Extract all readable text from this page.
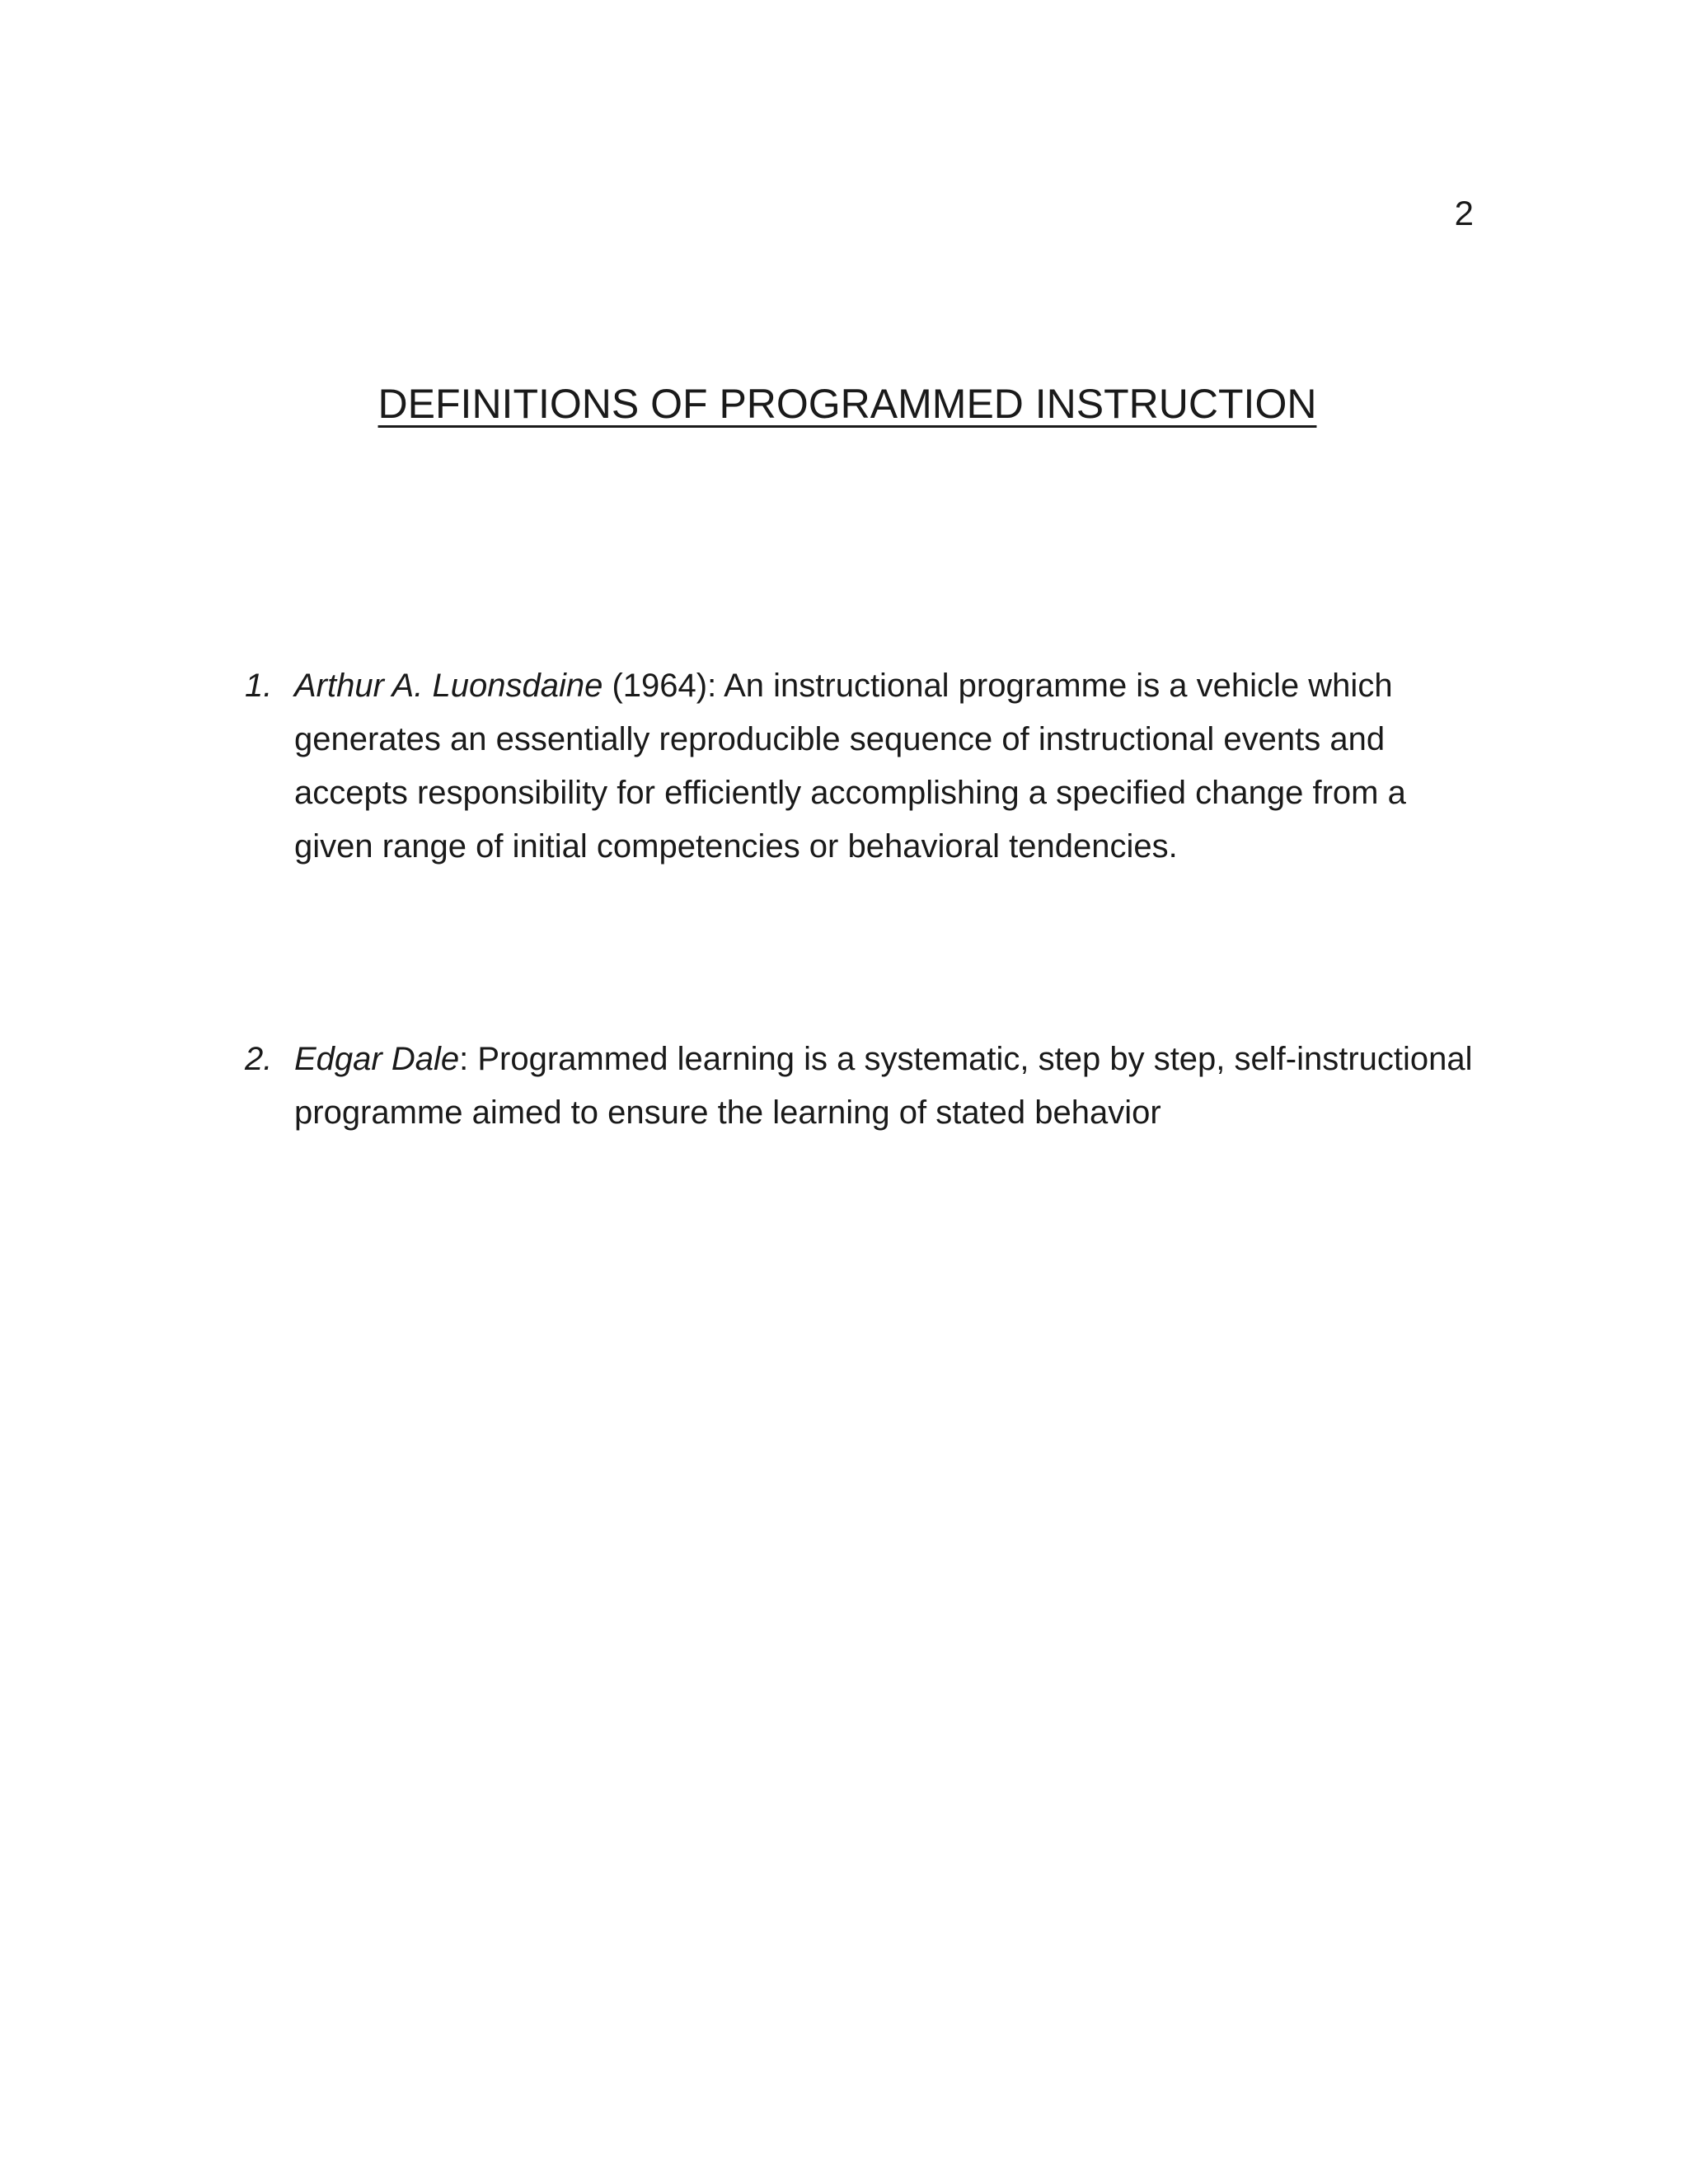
2
DEFINITIONS OF PROGRAMMED INSTRUCTION
1. Arthur A. Luonsdaine (1964): An instructional programme is a vehicle which generates an essentially reproducible sequence of instructional events and accepts responsibility for efficiently accomplishing a specified change from a given range of initial competencies or behavioral tendencies.
2. Edgar Dale: Programmed learning is a systematic, step by step, self-instructional programme aimed to ensure the learning of stated behavior
